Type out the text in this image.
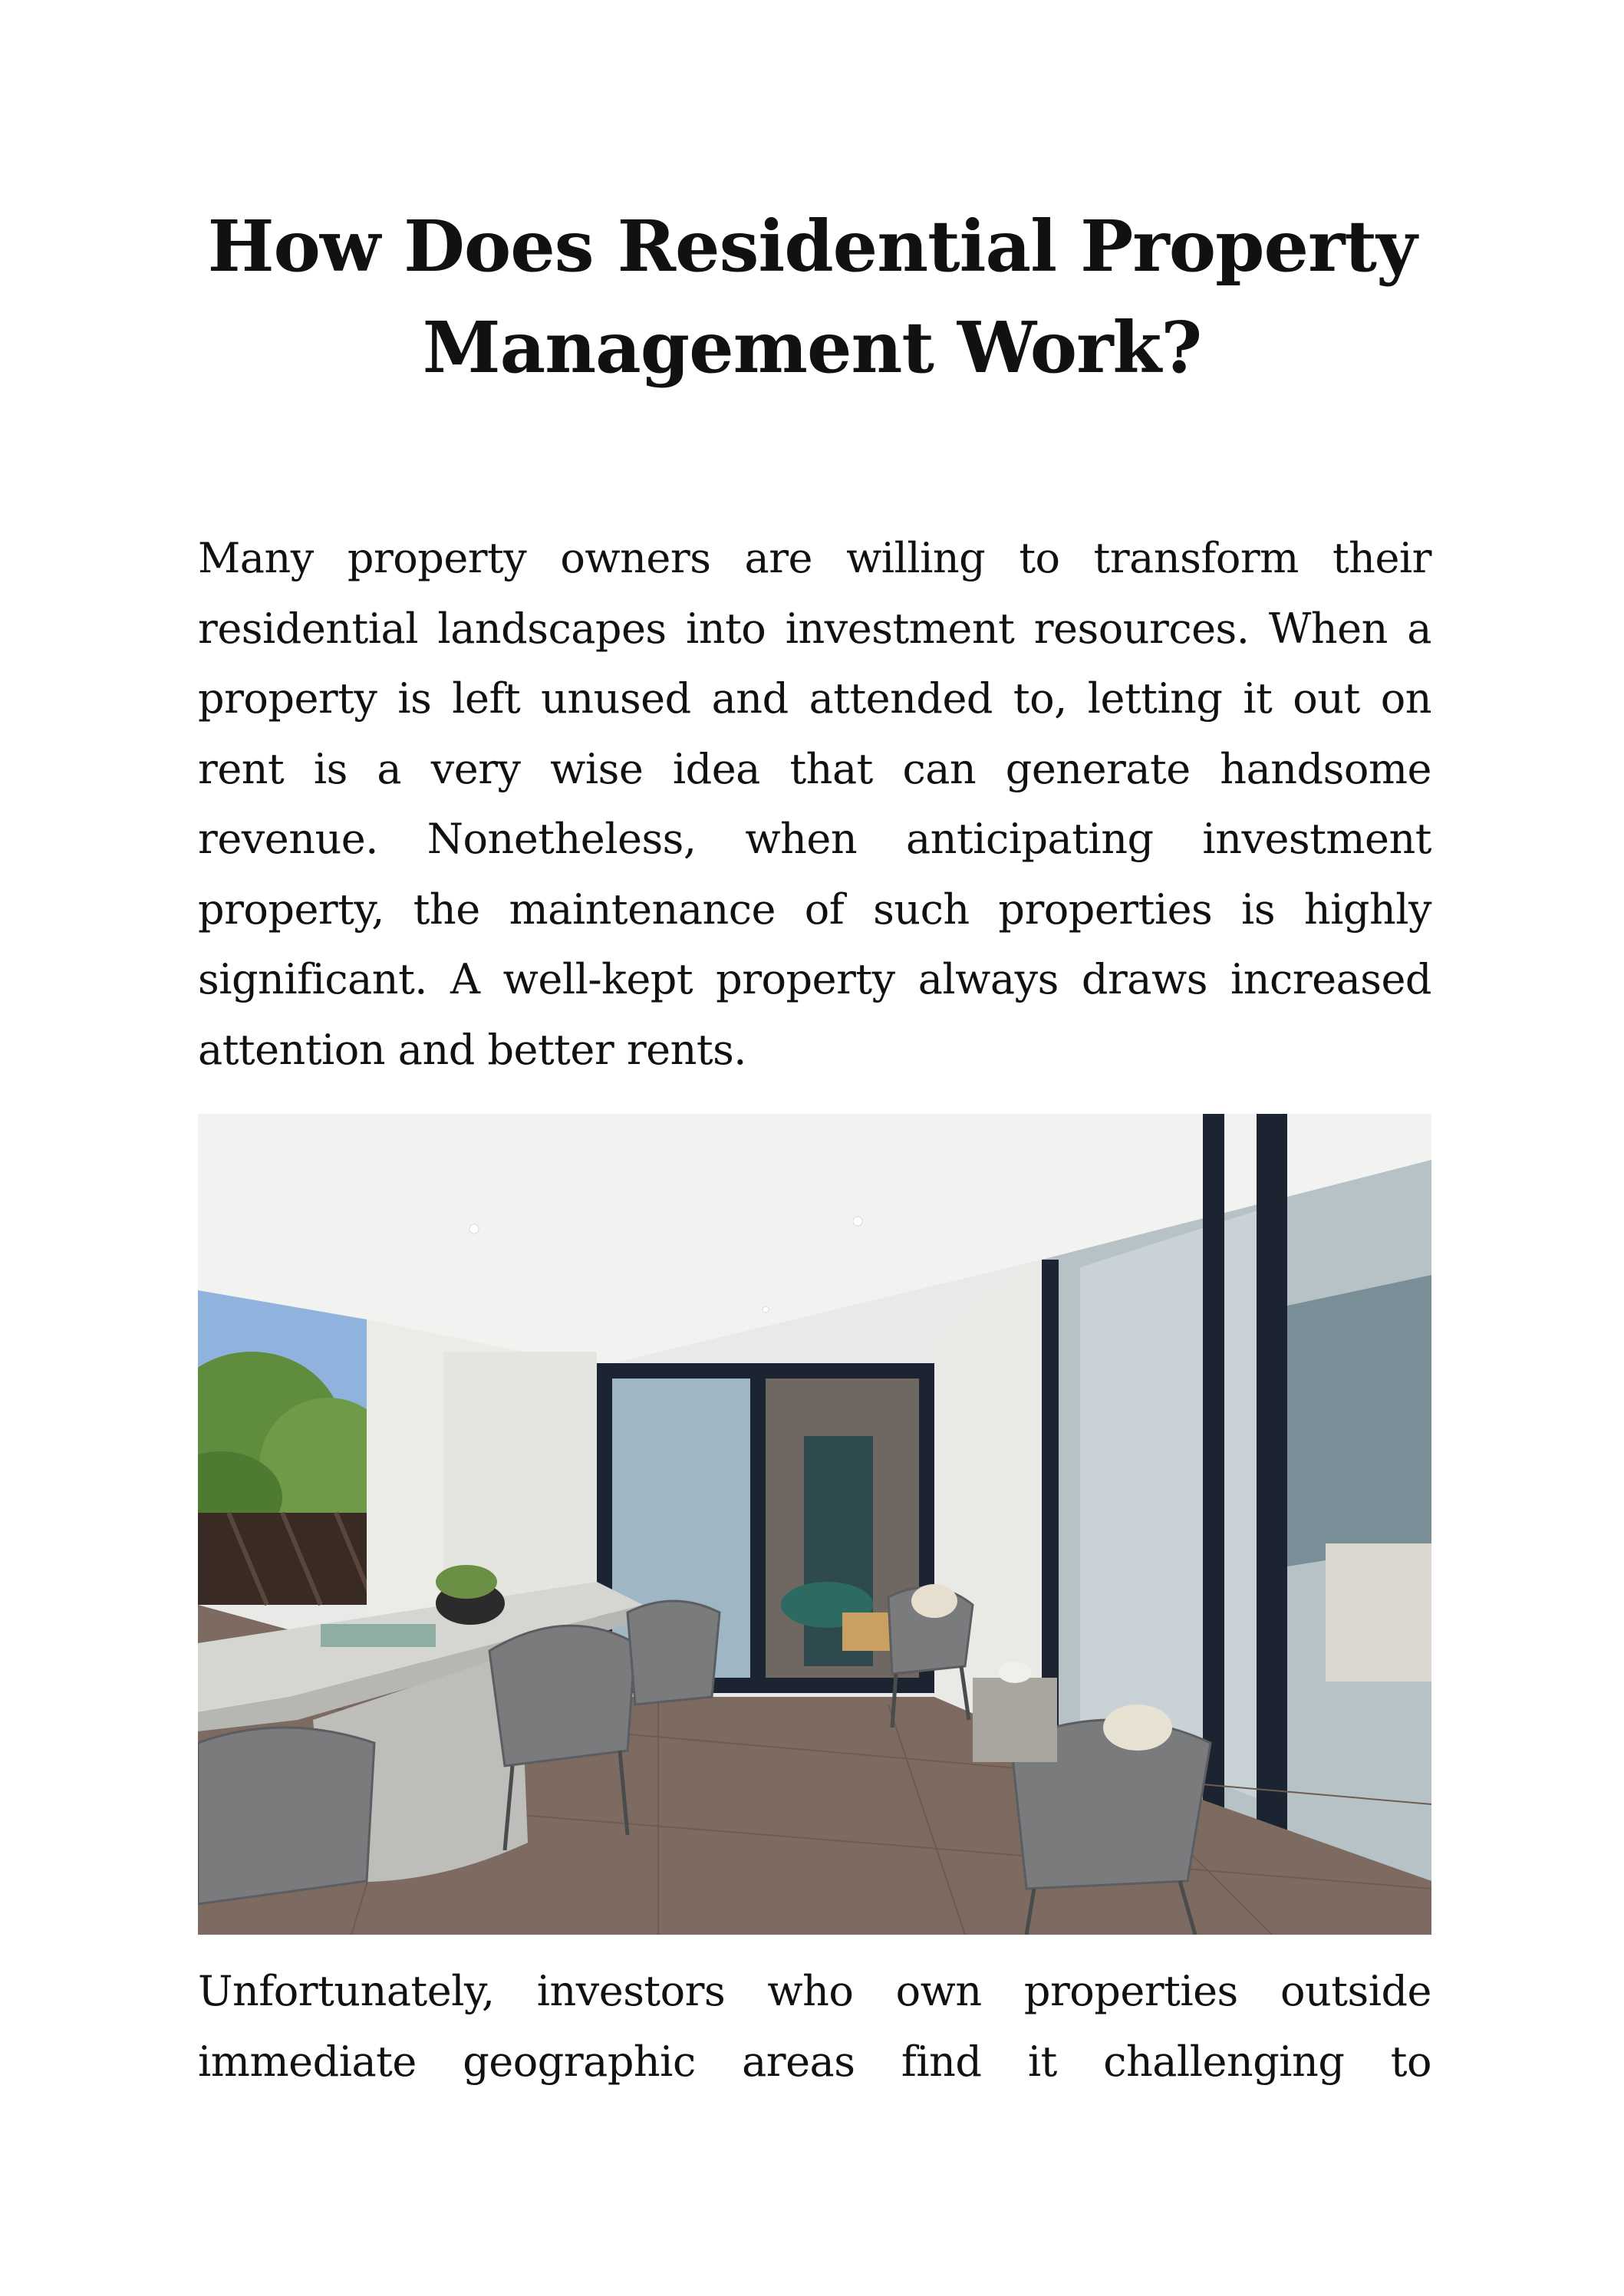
How Does Residential Property
Management Work?

Many property owners are willing to transform their residential landscapes into investment resources. When a property is left unused and attended to, letting it out on rent is a very wise idea that can generate handsome revenue. Nonetheless, when anticipating investment property, the maintenance of such properties is highly significant. A well-kept property always draws increased attention and better rents.

Unfortunately, investors who own properties outside immediate geographic areas find it challenging to
